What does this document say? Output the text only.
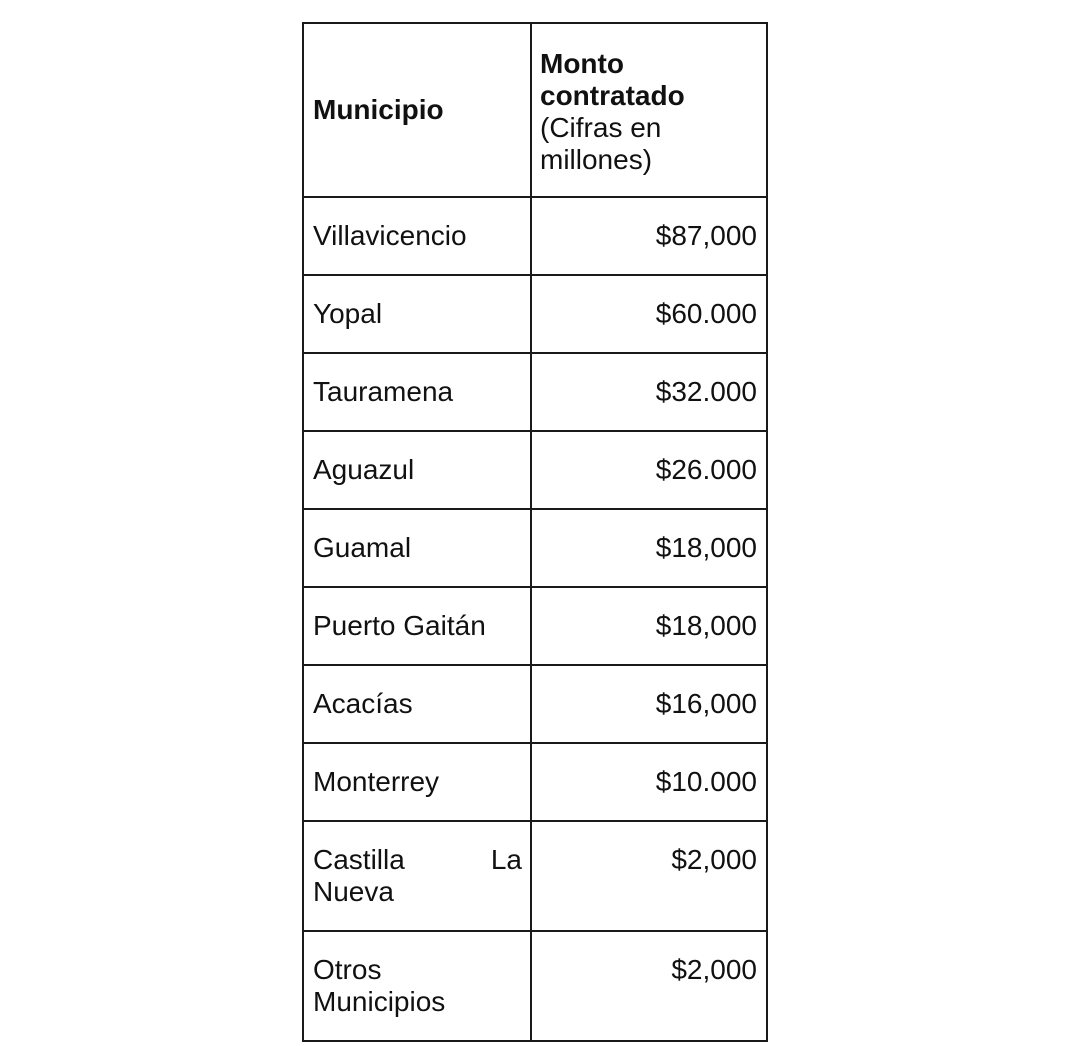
Municipio	Monto contratado
(Cifras en millones)

Villavicencio	$87,000
Yopal	$60.000
Tauramena	$32.000
Aguazul	$26.000
Guamal	$18,000
Puerto Gaitán	$18,000
Acacías	$16,000
Monterrey	$10.000

Castilla La
Nueva	$2,000

Otros
Municipios	$2,000
